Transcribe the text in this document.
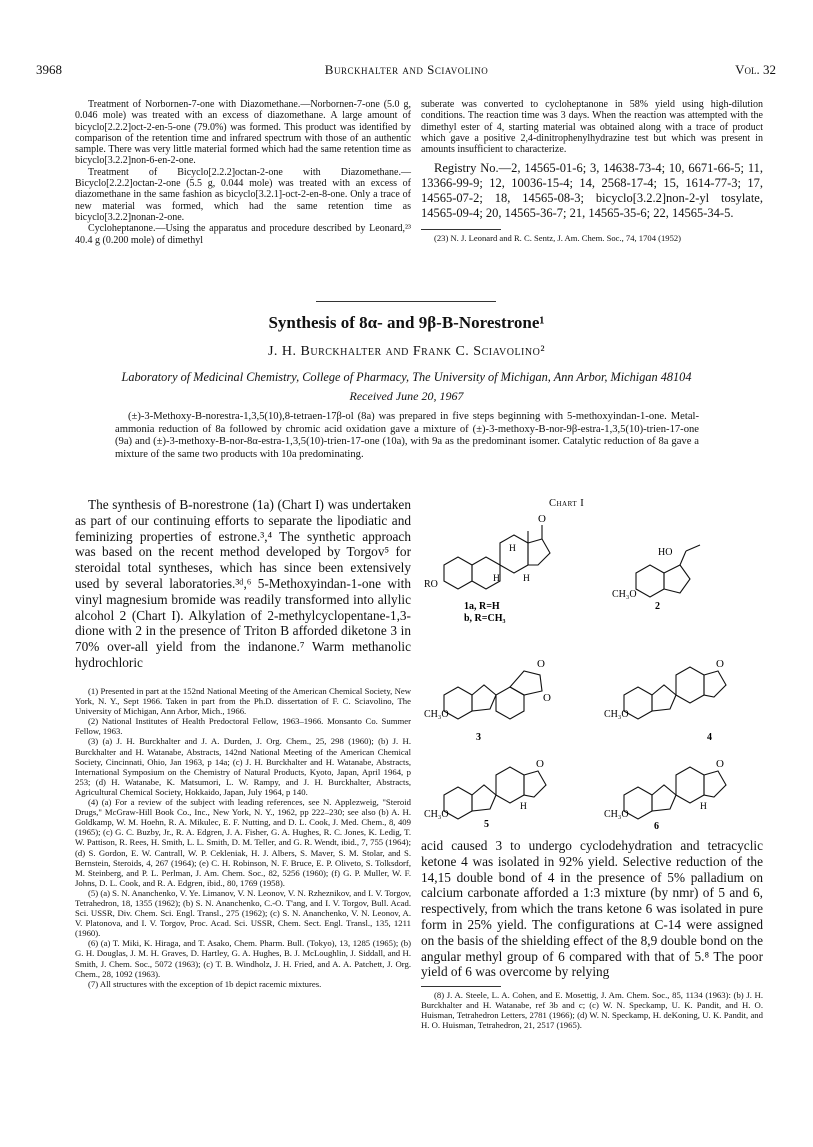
3968	Burckhalter and Sciavolino	Vol. 32

Treatment of Norbornen-7-one with Diazomethane.—Norbornen-7-one (5.0 g, 0.046 mole) was treated with an excess of diazomethane. A large amount of bicyclo[2.2.2]oct-2-en-5-one (79.0%) was formed. This product was identified by comparison of the retention time and infrared spectrum with those of an authentic sample. There was very little material formed which had the same retention time as bicyclo[3.2.2]non-6-en-2-one.

Treatment of Bicyclo[2.2.2]octan-2-one with Diazomethane.—Bicyclo[2.2.2]octan-2-one (5.5 g, 0.044 mole) was treated with an excess of diazomethane in the same fashion as bicyclo[3.2.1]-oct-2-en-8-one. Only a trace of new material was formed, which had the same retention time as bicyclo[3.2.2]nonan-2-one.

Cycloheptanone.—Using the apparatus and procedure described by Leonard,²³ 40.4 g (0.200 mole) of dimethyl

suberate was converted to cycloheptanone in 58% yield using high-dilution conditions. The reaction time was 3 days. When the reaction was attempted with the dimethyl ester of 4, starting material was obtained along with a trace of product which gave a positive 2,4-dinitrophenylhydrazine test but which was present in amounts insufficient to characterize.

Registry No.—2, 14565-01-6; 3, 14638-73-4; 10, 6671-66-5; 11, 13366-99-9; 12, 10036-15-4; 14, 2568-17-4; 15, 1614-77-3; 17, 14565-07-2; 18, 14565-08-3; bicyclo[3.2.2]non-2-yl tosylate, 14565-09-4; 20, 14565-36-7; 21, 14565-35-6; 22, 14565-34-5.

(23) N. J. Leonard and R. C. Sentz, J. Am. Chem. Soc., 74, 1704 (1952)

Synthesis of 8α- and 9β-B-Norestrone¹
J. H. Burckhalter and Frank C. Sciavolino²
Laboratory of Medicinal Chemistry, College of Pharmacy, The University of Michigan, Ann Arbor, Michigan 48104
Received June 20, 1967

(±)-3-Methoxy-B-norestra-1,3,5(10),8-tetraen-17β-ol (8a) was prepared in five steps beginning with 5-methoxyindan-1-one. Metal-ammonia reduction of 8a followed by chromic acid oxidation gave a mixture of (±)-3-methoxy-B-nor-9β-estra-1,3,5(10)-trien-17-one (9a) and (±)-3-methoxy-B-nor-8α-estra-1,3,5(10)-trien-17-one (10a), with 9a as the predominant isomer. Catalytic reduction of 8a gave a mixture of the same two products with 10a predominating.

The synthesis of B-norestrone (1a) (Chart I) was undertaken as part of our continuing efforts to separate the lipodiatic and feminizing properties of estrone.³,⁴ The synthetic approach was based on the recent method developed by Torgov⁵ for steroidal total syntheses, which has since been extensively used by several laboratories.³ᵈ,⁶ 5-Methoxyindan-1-one with vinyl magnesium bromide was readily transformed into allylic alcohol 2 (Chart I). Alkylation of 2-methylcyclopentane-1,3-dione with 2 in the presence of Triton B afforded diketone 3 in 70% over-all yield from the indanone.⁷ Warm methanolic hydrochloric

(1) Presented in part at the 152nd National Meeting of the American Chemical Society, New York, N. Y., Sept 1966. Taken in part from the Ph.D. dissertation of F. C. Sciavolino, The University of Michigan, Ann Arbor, Mich., 1966.

(2) National Institutes of Health Predoctoral Fellow, 1963–1966. Monsanto Co. Summer Fellow, 1963.

(3) (a) J. H. Burckhalter and J. A. Durden, J. Org. Chem., 25, 298 (1960); (b) J. H. Burckhalter and H. Watanabe, Abstracts, 142nd National Meeting of the American Chemical Society, Cincinnati, Ohio, Jan 1963, p 14a; (c) J. H. Burckhalter and H. Watanabe, Abstracts, International Symposium on the Chemistry of Natural Products, Kyoto, Japan, April 1964, p 253; (d) H. Watanabe, K. Matsumori, L. W. Rampy, and J. H. Burckhalter, Abstracts, Agricultural Chemical Society, Hokkaido, Japan, July 1964, p 140.

(4) (a) For a review of the subject with leading references, see N. Applezweig, "Steroid Drugs," McGraw-Hill Book Co., Inc., New York, N. Y., 1962, pp 222–230; see also (b) A. H. Goldkamp, W. M. Hoehn, R. A. Mikulec, E. F. Nutting, and D. L. Cook, J. Med. Chem., 8, 409 (1965); (c) G. C. Buzby, Jr., R. A. Edgren, J. A. Fisher, G. A. Hughes, R. C. Jones, K. Ledig, T. W. Pattison, R. Rees, H. Smith, L. L. Smith, D. M. Teller, and G. R. Wendt, ibid., 7, 755 (1964); (d) S. Gordon, E. W. Cantrall, W. P. Cekleniak, H. J. Albers, S. Maver, S. M. Stolar, and S. Bernstein, Steroids, 4, 267 (1964); (e) C. H. Robinson, N. F. Bruce, E. P. Oliveto, S. Tolksdorf, M. Steinberg, and P. L. Perlman, J. Am. Chem. Soc., 82, 5256 (1960); (f) G. P. Muller, W. F. Johns, D. L. Cook, and R. A. Edgren, ibid., 80, 1769 (1958).

(5) (a) S. N. Ananchenko, V. Ye. Limanov, V. N. Leonov, V. N. Rzheznikov, and I. V. Torgov, Tetrahedron, 18, 1355 (1962); (b) S. N. Ananchenko, C.-O. T'ang, and I. V. Torgov, Bull. Acad. Sci. USSR, Div. Chem. Sci. Engl. Transl., 275 (1962); (c) S. N. Ananchenko, V. N. Leonov, A. V. Platonova, and I. V. Torgov, Proc. Acad. Sci. USSR, Chem. Sect. Engl. Transl., 135, 1211 (1960).

(6) (a) T. Miki, K. Hiraga, and T. Asako, Chem. Pharm. Bull. (Tokyo), 13, 1285 (1965); (b) G. H. Douglas, J. M. H. Graves, D. Hartley, G. A. Hughes, B. J. McLoughlin, J. Siddall, and H. Smith, J. Chem. Soc., 5072 (1963); (c) T. B. Windholz, J. H. Fried, and A. A. Patchett, J. Org. Chem., 28, 1092 (1963).

(7) All structures with the exception of 1b depict racemic mixtures.

Chart I
O
H
H H
RO
1a, R=H
b, R=CH₃
HO
CH₃O
2
O
O
CH₃O
3
O
CH₃O
4
O
CH₃O
H
5
O
CH₃O
H
6

acid caused 3 to undergo cyclodehydration and tetracyclic ketone 4 was isolated in 92% yield. Selective reduction of the 14,15 double bond of 4 in the presence of 5% palladium on calcium carbonate afforded a 1:3 mixture (by nmr) of 5 and 6, respectively, from which the trans ketone 6 was isolated in pure form in 25% yield. The configurations at C-14 were assigned on the basis of the shielding effect of the 8,9 double bond on the angular methyl group of 6 compared with that of 5.⁸ The poor yield of 6 was overcome by relying

(8) J. A. Steele, L. A. Cohen, and E. Mosettig, J. Am. Chem. Soc., 85, 1134 (1963): (b) J. H. Burckhalter and H. Watanabe, ref 3b and c; (c) W. N. Speckamp, U. K. Pandit, and H. O. Huisman, Tetrahedron Letters, 2781 (1966); (d) W. N. Speckamp, H. deKoning, U. K. Pandit, and H. O. Huisman, Tetrahedron, 21, 2517 (1965).
